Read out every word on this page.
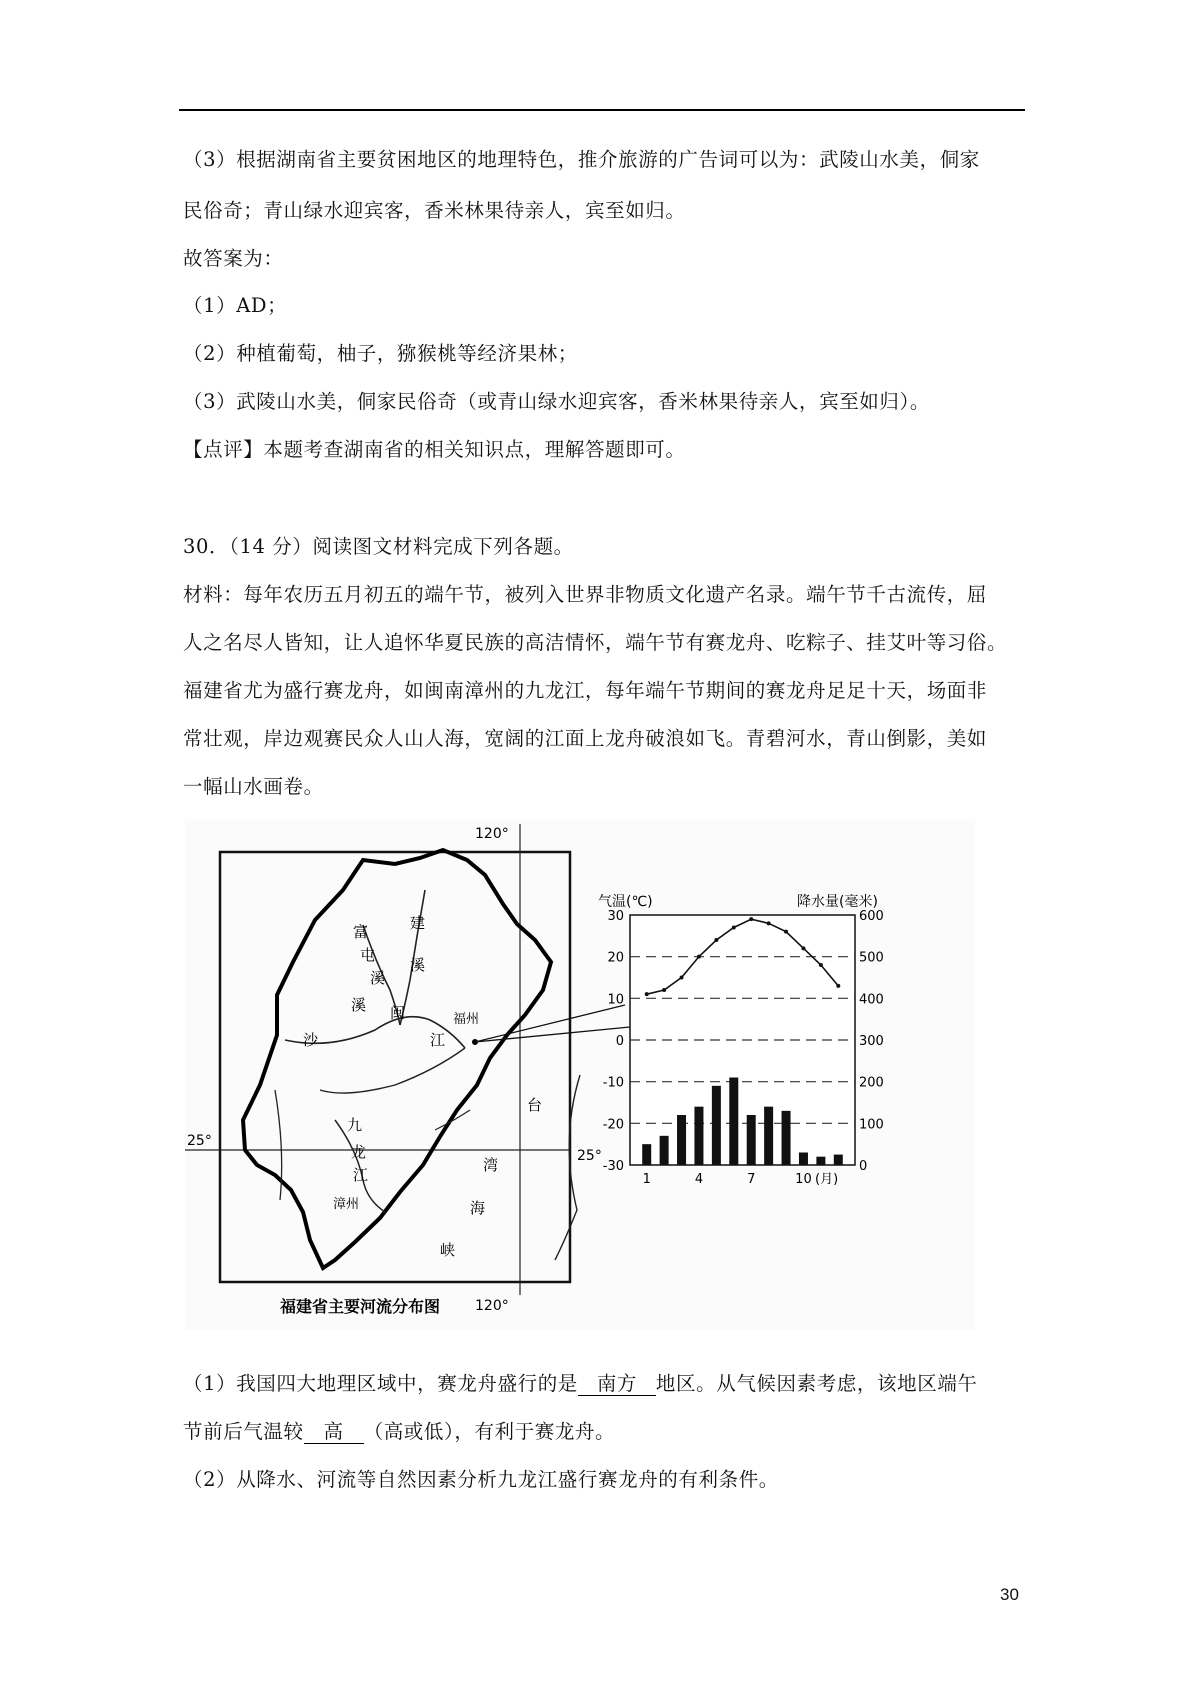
（3）根据湖南省主要贫困地区的地理特色，推介旅游的广告词可以为：武陵山水美，侗家
民俗奇；青山绿水迎宾客，香米林果待亲人，宾至如归。
故答案为：
（1）AD；
（2）种植葡萄，柚子，猕猴桃等经济果林；
（3）武陵山水美，侗家民俗奇（或青山绿水迎宾客，香米林果待亲人，宾至如归）。
【点评】本题考查湖南省的相关知识点，理解答题即可。
30．（14 分）阅读图文材料完成下列各题。
材料：每年农历五月初五的端午节，被列入世界非物质文化遗产名录。端午节千古流传，屈
人之名尽人皆知，让人追怀华夏民族的高洁情怀，端午节有赛龙舟、吃粽子、挂艾叶等习俗。
福建省尤为盛行赛龙舟，如闽南漳州的九龙江，每年端午节期间的赛龙舟足足十天，场面非
常壮观，岸边观赛民众人山人海，宽阔的江面上龙舟破浪如飞。青碧河水，青山倒影，美如
一幅山水画卷。
120°
120°
25°
25°
富
屯
溪
建
溪
溪
沙
闽
江
福州
九
龙
江
漳州
台
湾
海
峡
福建省主要河流分布图
气温(℃)	降水量(毫米)
30
20
10
0
-10
-20
-30
600
500
400
300
200
100
0
1	4	7	10 (月)
（1）我国四大地理区域中，赛龙舟盛行的是 南方 地区。从气候因素考虑，该地区端午
节前后气温较 高 （高或低），有利于赛龙舟。
（2）从降水、河流等自然因素分析九龙江盛行赛龙舟的有利条件。
30
